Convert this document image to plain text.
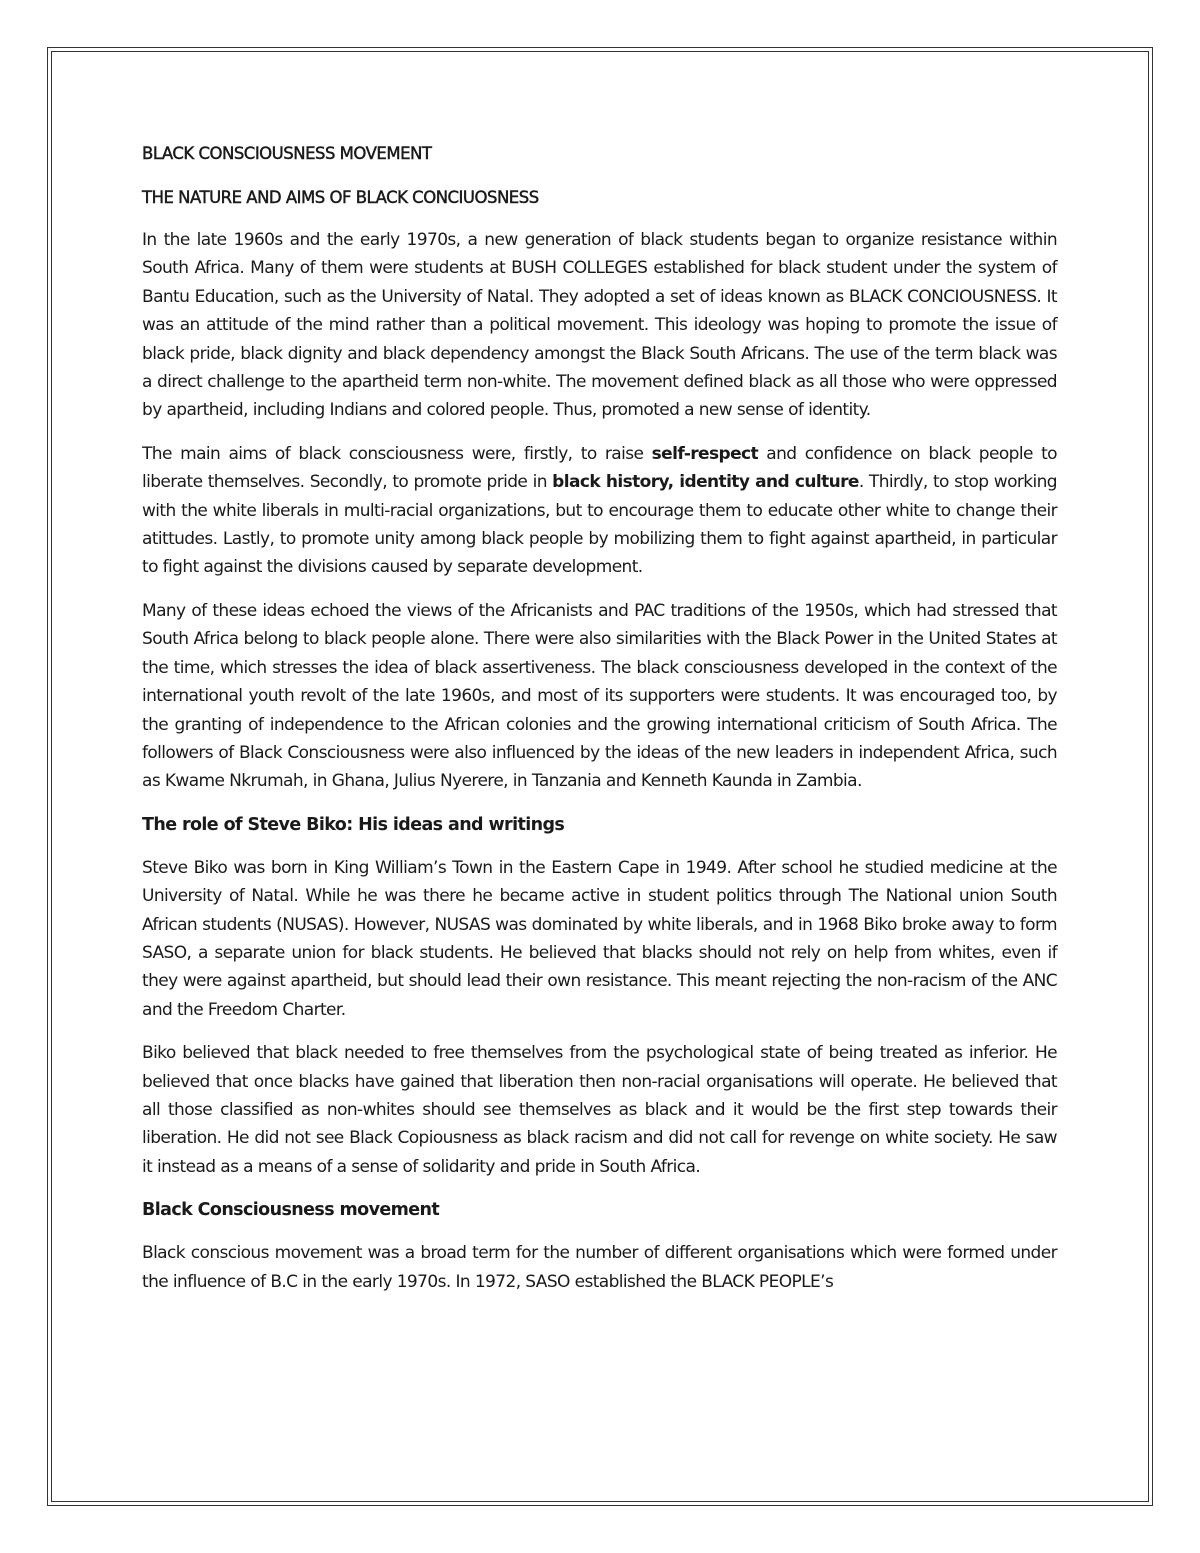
BLACK CONSCIOUSNESS MOVEMENT
THE NATURE AND AIMS OF BLACK CONCIUOSNESS

In the late 1960s and the early 1970s, a new generation of black students began to organize resistance within South Africa. Many of them were students at BUSH COLLEGES established for black student under the system of Bantu Education, such as the University of Natal. They adopted a set of ideas known as BLACK CONCIOUSNESS. It was an attitude of the mind rather than a political movement. This ideology was hoping to promote the issue of black pride, black dignity and black dependency amongst the Black South Africans. The use of the term black was a direct challenge to the apartheid term non-white. The movement defined black as all those who were oppressed by apartheid, including Indians and colored people. Thus, promoted a new sense of identity.

The main aims of black consciousness were, firstly, to raise self-respect and confidence on black people to liberate themselves. Secondly, to promote pride in black history, identity and culture. Thirdly, to stop working with the white liberals in multi-racial organizations, but to encourage them to educate other white to change their atittudes. Lastly, to promote unity among black people by mobilizing them to fight against apartheid, in particular to fight against the divisions caused by separate development.

Many of these ideas echoed the views of the Africanists and PAC traditions of the 1950s, which had stressed that South Africa belong to black people alone. There were also similarities with the Black Power in the United States at the time, which stresses the idea of black assertiveness. The black consciousness developed in the context of the international youth revolt of the late 1960s, and most of its supporters were students. It was encouraged too, by the granting of independence to the African colonies and the growing international criticism of South Africa. The followers of Black Consciousness were also influenced by the ideas of the new leaders in independent Africa, such as Kwame Nkrumah, in Ghana, Julius Nyerere, in Tanzania and Kenneth Kaunda in Zambia.

The role of Steve Biko: His ideas and writings

Steve Biko was born in King William’s Town in the Eastern Cape in 1949. After school he studied medicine at the University of Natal. While he was there he became active in student politics through The National union South African students (NUSAS). However, NUSAS was dominated by white liberals, and in 1968 Biko broke away to form SASO, a separate union for black students. He believed that blacks should not rely on help from whites, even if they were against apartheid, but should lead their own resistance. This meant rejecting the non-racism of the ANC and the Freedom Charter.

Biko believed that black needed to free themselves from the psychological state of being treated as inferior. He believed that once blacks have gained that liberation then non-racial organisations will operate. He believed that all those classified as non-whites should see themselves as black and it would be the first step towards their liberation. He did not see Black Copiousness as black racism and did not call for revenge on white society. He saw it instead as a means of a sense of solidarity and pride in South Africa.

Black Consciousness movement

Black conscious movement was a broad term for the number of different organisations which were formed under the influence of B.C in the early 1970s. In 1972, SASO established the BLACK PEOPLE’s
